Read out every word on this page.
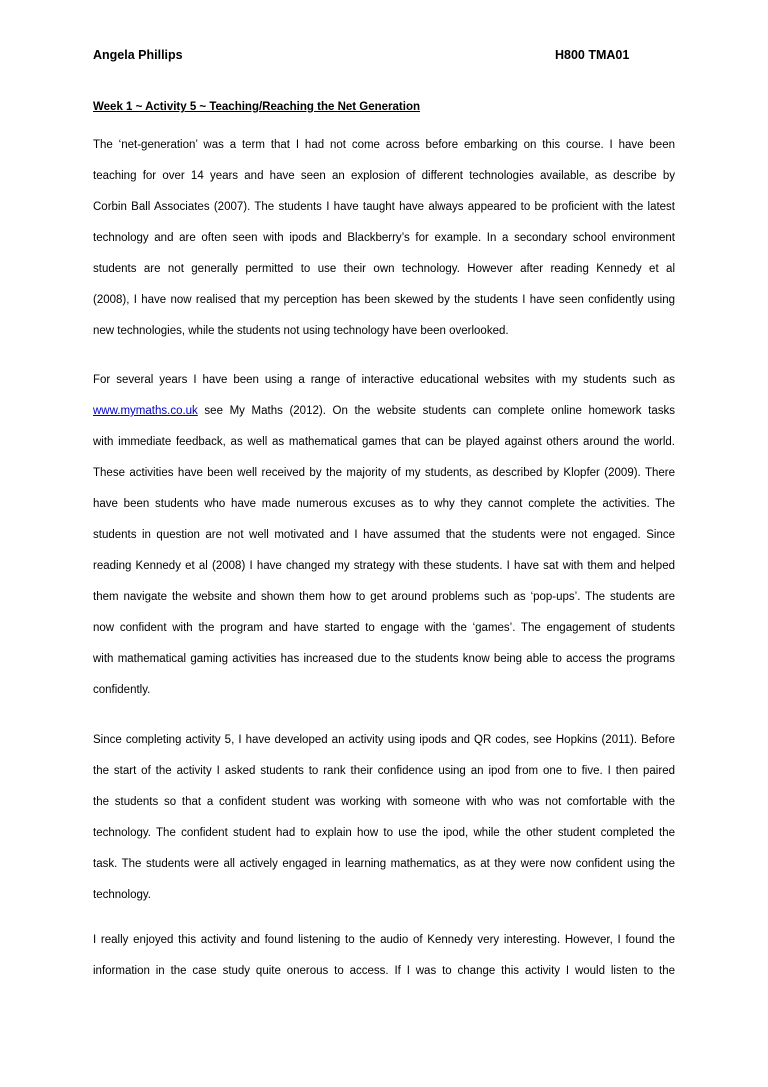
Angela Phillips	H800 TMA01
Week 1 ~ Activity 5 ~ Teaching/Reaching the Net Generation
The ‘net-generation’ was a term that I had not come across before embarking on this course. I have been
teaching for over 14 years and have seen an explosion of different technologies available, as describe by
Corbin Ball Associates (2007). The students I have taught have always appeared to be proficient with the latest
technology and are often seen with ipods and Blackberry’s for example. In a secondary school environment
students are not generally permitted to use their own technology. However after reading Kennedy et al
(2008), I have now realised that my perception has been skewed by the students I have seen confidently using
new technologies, while the students not using technology have been overlooked.
For several years I have been using a range of interactive educational websites with my students such as
www.mymaths.co.uk see My Maths (2012). On the website students can complete online homework tasks
with immediate feedback, as well as mathematical games that can be played against others around the world.
These activities have been well received by the majority of my students, as described by Klopfer (2009). There
have been students who have made numerous excuses as to why they cannot complete the activities. The
students in question are not well motivated and I have assumed that the students were not engaged. Since
reading Kennedy et al (2008) I have changed my strategy with these students. I have sat with them and helped
them navigate the website and shown them how to get around problems such as ‘pop-ups’. The students are
now confident with the program and have started to engage with the ‘games’. The engagement of students
with mathematical gaming activities has increased due to the students know being able to access the programs
confidently.
Since completing activity 5, I have developed an activity using ipods and QR codes, see Hopkins (2011). Before
the start of the activity I asked students to rank their confidence using an ipod from one to five. I then paired
the students so that a confident student was working with someone with who was not comfortable with the
technology. The confident student had to explain how to use the ipod, while the other student completed the
task. The students were all actively engaged in learning mathematics, as at they were now confident using the
technology.
I really enjoyed this activity and found listening to the audio of Kennedy very interesting. However, I found the
information in the case study quite onerous to access. If I was to change this activity I would listen to the
